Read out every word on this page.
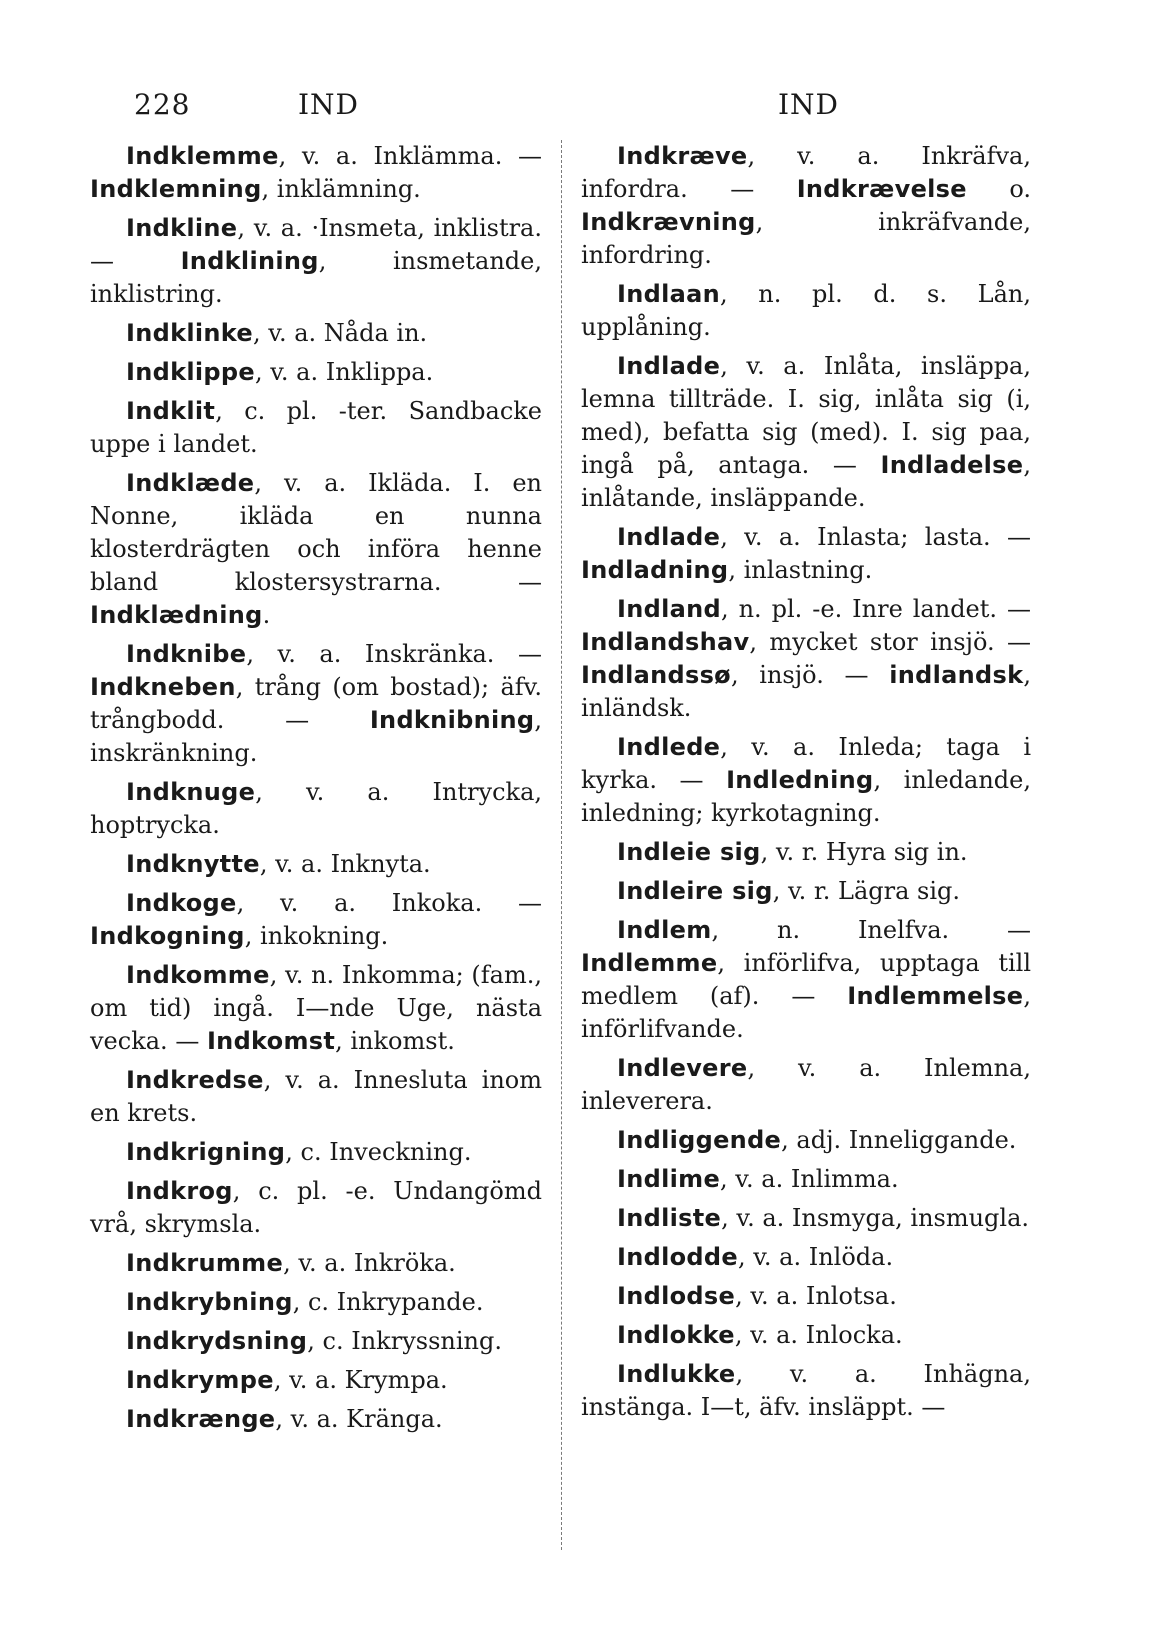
228	IND	IND

Indklemme, v. a. Inklämma. — Indklemning, inklämning.

Indkline, v. a. ·Insmeta, inklistra. — Indklining, insmetande, inklistring.

Indklinke, v. a. Nåda in.

Indklippe, v. a. Inklippa.

Indklit, c. pl. -ter. Sandbacke uppe i landet.

Indklæde, v. a. Ikläda. I. en Nonne, ikläda en nunna klosterdrägten och införa henne bland klostersystrarna. — Indklædning.

Indknibe, v. a. Inskränka. — Indkneben, trång (om bostad); äfv. trångbodd. — Indknibning, inskränkning.

Indknuge, v. a. Intrycka, hoptrycka.

Indknytte, v. a. Inknyta.

Indkoge, v. a. Inkoka. — Indkogning, inkokning.

Indkomme, v. n. Inkomma; (fam., om tid) ingå. I—nde Uge, nästa vecka. — Indkomst, inkomst.

Indkredse, v. a. Innesluta inom en krets.

Indkrigning, c. Inveckning.

Indkrog, c. pl. -e. Undangömd vrå, skrymsla.

Indkrumme, v. a. Inkröka.

Indkrybning, c. Inkrypande.

Indkrydsning, c. Inkryssning.

Indkrympe, v. a. Krympa.

Indkrænge, v. a. Kränga.

Indkræve, v. a. Inkräfva, infordra. — Indkrævelse o. Indkrævning, inkräfvande, infordring.

Indlaan, n. pl. d. s. Lån, upplåning.

Indlade, v. a. Inlåta, insläppa, lemna tillträde. I. sig, inlåta sig (i, med), befatta sig (med). I. sig paa, ingå på, antaga. — Indladelse, inlåtande, insläppande.

Indlade, v. a. Inlasta; lasta. — Indladning, inlastning.

Indland, n. pl. -e. Inre landet. — Indlandshav, mycket stor insjö. — Indlandssø, insjö. — indlandsk, inländsk.

Indlede, v. a. Inleda; taga i kyrka. — Indledning, inledande, inledning; kyrkotagning.

Indleie sig, v. r. Hyra sig in.

Indleire sig, v. r. Lägra sig.

Indlem, n. Inelfva. — Indlemme, införlifva, upptaga till medlem (af). — Indlemmelse, införlifvande.

Indlevere, v. a. Inlemna, inleverera.

Indliggende, adj. Inneliggande.

Indlime, v. a. Inlimma.

Indliste, v. a. Insmyga, insmugla.

Indlodde, v. a. Inlöda.

Indlodse, v. a. Inlotsa.

Indlokke, v. a. Inlocka.

Indlukke, v. a. Inhägna, instänga. I—t, äfv. insläppt. —
